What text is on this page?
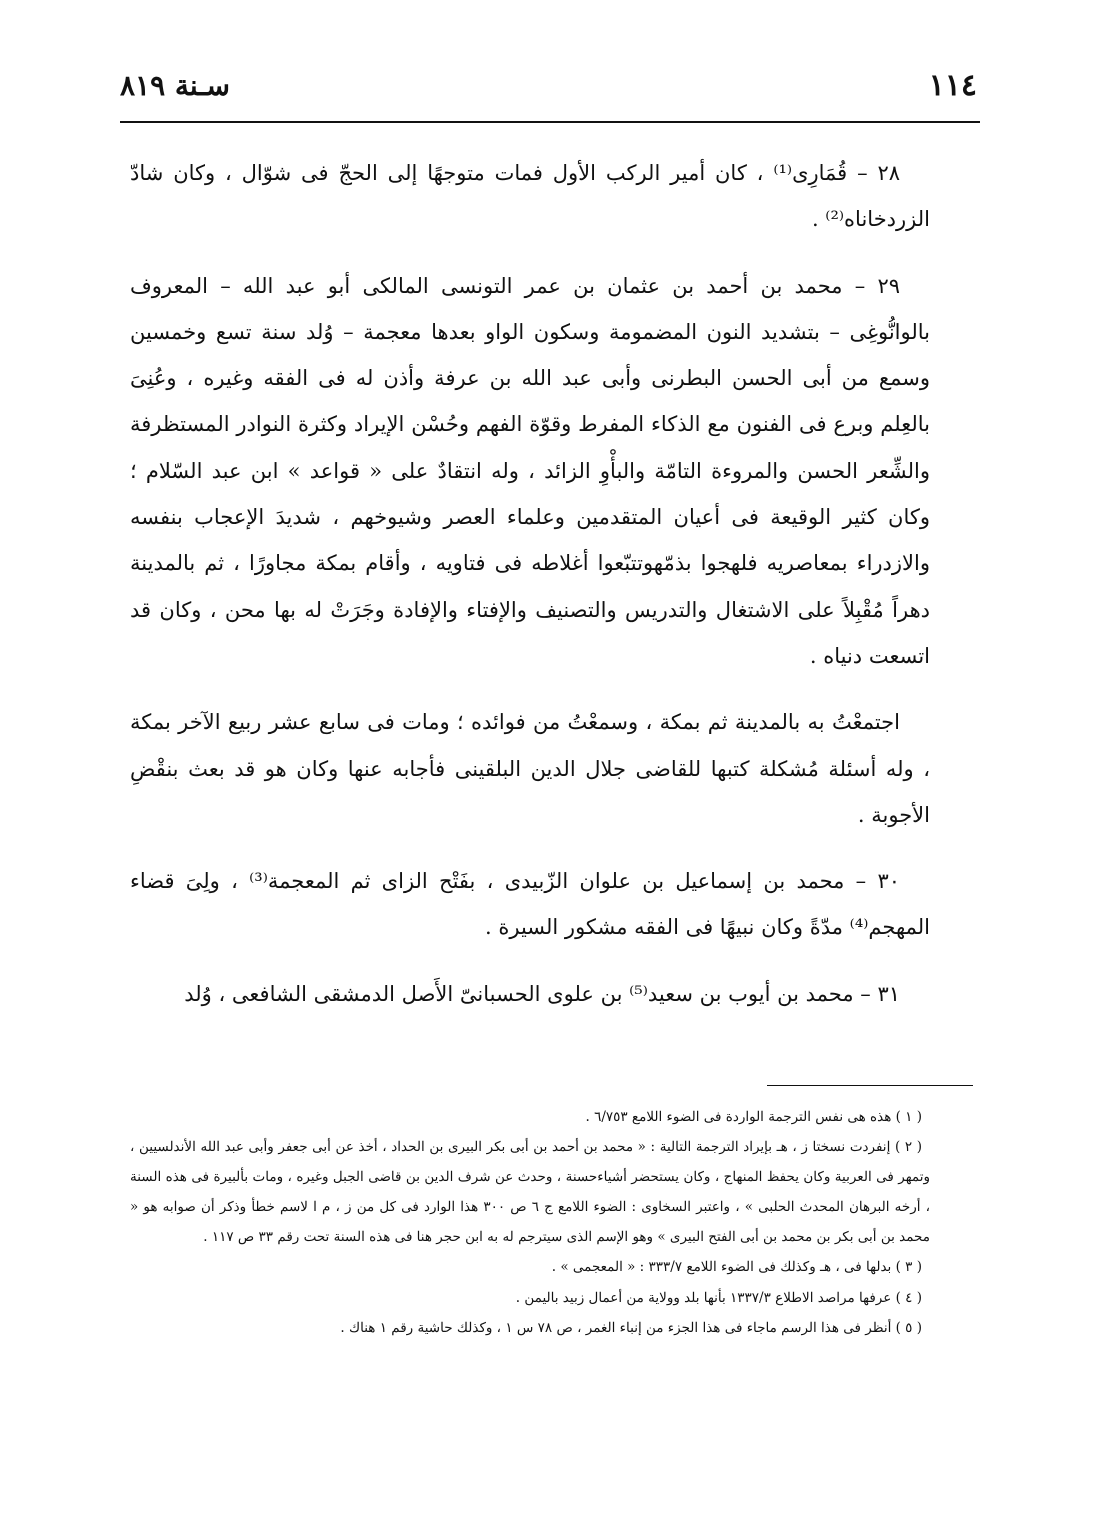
١١٤
سـنة ٨١٩

٢٨ – قُمَارِى⁽¹⁾ ، كان أمير الركب الأول فمات متوجهًا إلى الحجّ فى شوّال ، وكان شادّ الزردخاناه⁽²⁾ .

٢٩ – محمد بن أحمد بن عثمان بن عمر التونسى المالكى أبو عبد الله – المعروف بالوانُّوغِى – بتشديد النون المضمومة وسكون الواو بعدها معجمة – وُلد سنة تسع وخمسين وسمع من أبى الحسن البطرنى وأبى عبد الله بن عرفة وأذن له فى الفقه وغيره ، وعُنِىَ بالعِلم وبرع فى الفنون مع الذكاء المفرط وقوّة الفهم وحُسْن الإيراد وكثرة النوادر المستظرفة والشِّعر الحسن والمروءة التامّة والبأْوِ الزائد ، وله انتقادٌ على « قواعد » ابن عبد السّلام ؛ وكان كثير الوقيعة فى أعيان المتقدمين وعلماء العصر وشيوخهم ، شديدَ الإعجاب بنفسه والازدراء بمعاصريه فلهجوا بذمّهوتتبّعوا أغلاطه فى فتاويه ، وأقام بمكة مجاورًا ، ثم بالمدينة دهراً مُقْبِلاً على الاشتغال والتدريس والتصنيف والإفتاء والإفادة وجَرَتْ له بها محن ، وكان قد اتسعت دنياه .

اجتمعْتُ به بالمدينة ثم بمكة ، وسمعْتُ من فوائده ؛ ومات فى سابع عشر ربيع الآخر بمكة ، وله أسئلة مُشكلة كتبها للقاضى جلال الدين البلقينى فأجابه عنها وكان هو قد بعث بنقْضِ الأجوبة .

٣٠ – محمد بن إسماعيل بن علوان الزّبيدى ، بفَتْح الزاى ثم المعجمة⁽³⁾ ، ولِىَ قضاء المهجم⁽⁴⁾ مدّةً وكان نبيهًا فى الفقه مشكور السيرة .

٣١ – محمد بن أيوب بن سعيد⁽⁵⁾ بن علوى الحسبانىّ الأَصل الدمشقى الشافعى ، وُلد

( ١ ) هذه هى نفس الترجمة الواردة فى الضوء اللامع ٦/٧٥٣ .

( ٢ ) إنفردت نسختا ز ، هـ بإيراد الترجمة التالية : « محمد بن أحمد بن أبى بكر البيرى بن الحداد ، أخذ عن أبى جعفر وأبى عبد الله الأندلسيين ، وتمهر فى العربية وكان يحفظ المنهاج ، وكان يستحضر أشياءحسنة ، وحدث عن شرف الدين بن قاضى الجبل وغيره ، ومات بألبيرة فى هذه السنة ، أرخه البرهان المحدث الحلبى » ، واعتبر السخاوى : الضوء اللامع ج ٦ ص ٣٠٠ هذا الوارد فى كل من ز ، م ا لاسم خطأ وذكر أن صوابه هو « محمد بن أبى بكر بن محمد بن أبى الفتح البيرى » وهو الإسم الذى سيترجم له به ابن حجر هنا فى هذه السنة تحت رقم ٣٣ ص ١١٧ .

( ٣ ) بدلها فى ، هـ وكذلك فى الضوء اللامع ٣٣٣/٧ : « المعجمى » .

( ٤ ) عرفها مراصد الاطلاع ١٣٣٧/٣ بأنها بلد وولاية من أعمال زبيد باليمن .

( ٥ ) أنظر فى هذا الرسم ماجاء فى هذا الجزء من إنباء الغمر ، ص ٧٨ س ١ ، وكذلك حاشية رقم ١ هناك .
